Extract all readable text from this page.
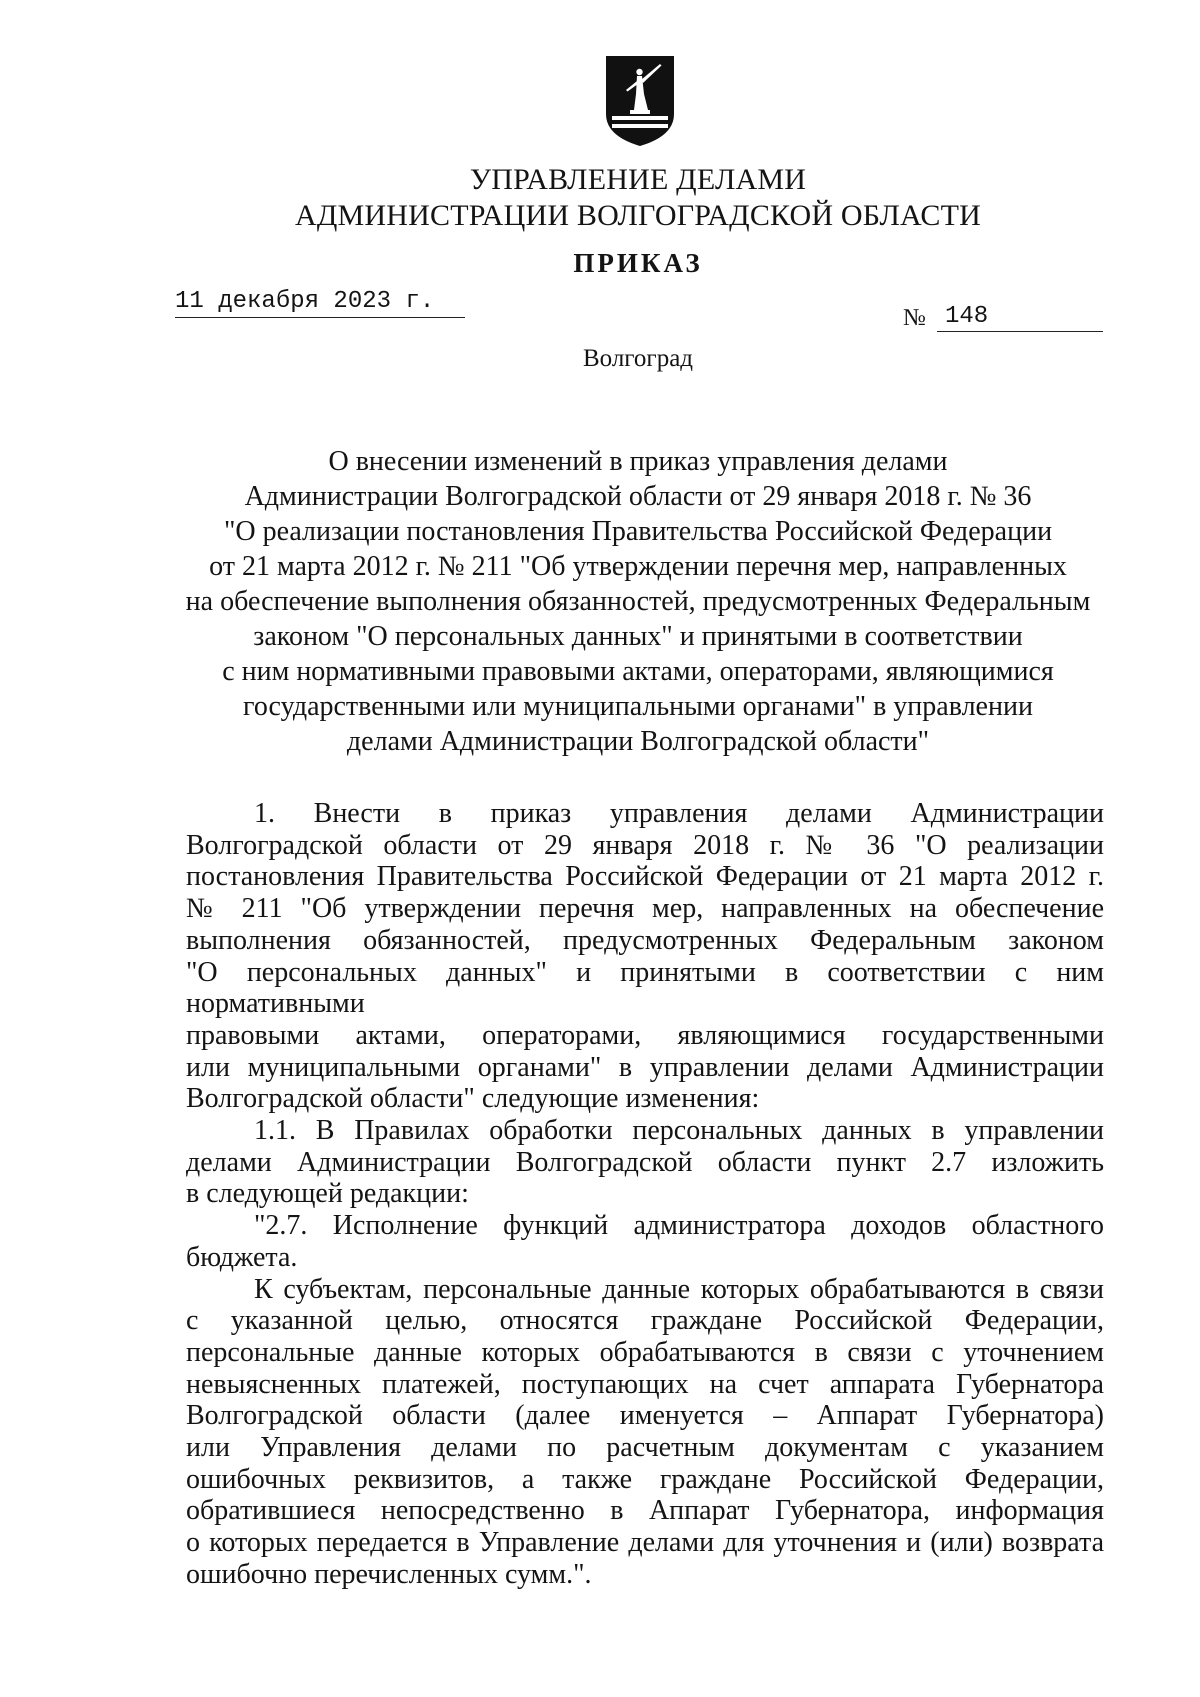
УПРАВЛЕНИЕ ДЕЛАМИ
АДМИНИСТРАЦИИ ВОЛГОГРАДСКОЙ ОБЛАСТИ
ПРИКАЗ
11 декабря 2023 г.
№ 148
Волгоград
О внесении изменений в приказ управления делами
Администрации Волгоградской области от 29 января 2018 г. № 36
"О реализации постановления Правительства Российской Федерации
от 21 марта 2012 г. № 211 "Об утверждении перечня мер, направленных
на обеспечение выполнения обязанностей, предусмотренных Федеральным
законом "О персональных данных" и принятыми в соответствии
с ним нормативными правовыми актами, операторами, являющимися
государственными или муниципальными органами" в управлении
делами Администрации Волгоградской области"

1. Внести в приказ управления делами Администрации
Волгоградской области от 29 января 2018 г. № 36 "О реализации
постановления Правительства Российской Федерации от 21 марта 2012 г.
№ 211 "Об утверждении перечня мер, направленных на обеспечение
выполнения обязанностей, предусмотренных Федеральным законом
"О персональных данных" и принятыми в соответствии с ним нормативными
правовыми актами, операторами, являющимися государственными
или муниципальными органами" в управлении делами Администрации
Волгоградской области" следующие изменения:

1.1. В Правилах обработки персональных данных в управлении
делами Администрации Волгоградской области пункт 2.7 изложить
в следующей редакции:

"2.7. Исполнение функций администратора доходов областного
бюджета.

К субъектам, персональные данные которых обрабатываются в связи
с указанной целью, относятся граждане Российской Федерации,
персональные данные которых обрабатываются в связи с уточнением
невыясненных платежей, поступающих на счет аппарата Губернатора
Волгоградской области (далее именуется – Аппарат Губернатора)
или Управления делами по расчетным документам с указанием
ошибочных реквизитов, а также граждане Российской Федерации,
обратившиеся непосредственно в Аппарат Губернатора, информация
о которых передается в Управление делами для уточнения и (или) возврата
ошибочно перечисленных сумм.".
